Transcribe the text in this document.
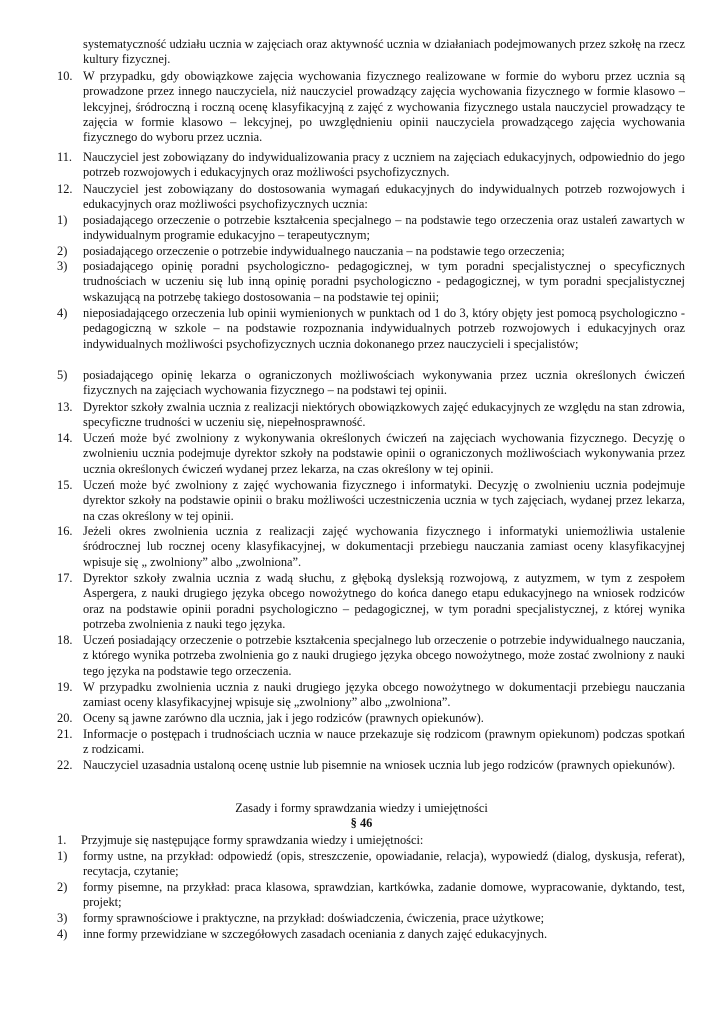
systematyczność udziału ucznia w zajęciach oraz aktywność ucznia w działaniach podejmowanych przez szkołę na rzecz kultury fizycznej.
10. W przypadku, gdy obowiązkowe zajęcia wychowania fizycznego realizowane w formie do wyboru przez ucznia są prowadzone przez innego nauczyciela, niż nauczyciel prowadzący zajęcia wychowania fizycznego w formie klasowo – lekcyjnej, śródroczną i roczną ocenę klasyfikacyjną z zajęć z wychowania fizycznego ustala nauczyciel prowadzący te zajęcia w formie klasowo – lekcyjnej, po uwzględnieniu opinii nauczyciela prowadzącego zajęcia wychowania fizycznego do wyboru przez ucznia.
11. Nauczyciel jest zobowiązany do indywidualizowania pracy z uczniem na zajęciach edukacyjnych, odpowiednio do jego potrzeb rozwojowych i edukacyjnych oraz możliwości psychofizycznych.
12. Nauczyciel jest zobowiązany do dostosowania wymagań edukacyjnych do indywidualnych potrzeb rozwojowych i edukacyjnych oraz możliwości psychofizycznych ucznia:
1)	posiadającego orzeczenie o potrzebie kształcenia specjalnego – na podstawie tego orzeczenia oraz ustaleń zawartych w indywidualnym programie edukacyjno – terapeutycznym;
2)	posiadającego orzeczenie o potrzebie indywidualnego nauczania – na podstawie tego orzeczenia;
3)	posiadającego opinię poradni psychologiczno- pedagogicznej, w tym poradni specjalistycznej o specyficznych trudnościach w uczeniu się lub inną opinię poradni psychologiczno - pedagogicznej, w tym poradni specjalistycznej wskazującą na potrzebę takiego dostosowania – na podstawie tej opinii;
4)	nieposiadającego orzeczenia lub opinii wymienionych w punktach od 1 do 3, który objęty jest pomocą psychologiczno - pedagogiczną w szkole – na podstawie rozpoznania indywidualnych potrzeb rozwojowych i edukacyjnych oraz indywidualnych możliwości psychofizycznych ucznia dokonanego przez nauczycieli i specjalistów;
5)	posiadającego opinię lekarza o ograniczonych możliwościach wykonywania przez ucznia określonych ćwiczeń fizycznych na zajęciach wychowania fizycznego – na podstawi tej opinii.
13. Dyrektor szkoły zwalnia ucznia z realizacji niektórych obowiązkowych zajęć edukacyjnych ze względu na stan zdrowia, specyficzne trudności w uczeniu się, niepełnosprawność.
14. Uczeń może być zwolniony z wykonywania określonych ćwiczeń na zajęciach wychowania fizycznego. Decyzję o zwolnieniu ucznia podejmuje dyrektor szkoły na podstawie opinii o ograniczonych możliwościach wykonywania przez ucznia określonych ćwiczeń wydanej przez lekarza, na czas określony w tej opinii.
15. Uczeń może być zwolniony z zajęć wychowania fizycznego i informatyki. Decyzję o zwolnieniu ucznia podejmuje dyrektor szkoły na podstawie opinii o braku możliwości uczestniczenia ucznia w tych zajęciach, wydanej przez lekarza, na czas określony w tej opinii.
16. Jeżeli okres zwolnienia ucznia z realizacji zajęć wychowania fizycznego i informatyki uniemożliwia ustalenie śródrocznej lub rocznej oceny klasyfikacyjnej, w dokumentacji przebiegu nauczania zamiast oceny klasyfikacyjnej wpisuje się „ zwolniony” albo „zwolniona”.
17. Dyrektor szkoły zwalnia ucznia z wadą słuchu, z głęboką dysleksją rozwojową, z autyzmem, w tym z zespołem Aspergera, z nauki drugiego języka obcego nowożytnego do końca danego etapu edukacyjnego na wniosek rodziców oraz na podstawie opinii poradni psychologiczno – pedagogicznej, w tym poradni specjalistycznej, z której wynika potrzeba zwolnienia z nauki tego języka.
18. Uczeń posiadający orzeczenie o potrzebie kształcenia specjalnego lub orzeczenie o potrzebie indywidualnego nauczania, z którego wynika potrzeba zwolnienia go z nauki drugiego języka obcego nowożytnego, może zostać zwolniony z nauki tego języka na podstawie tego orzeczenia.
19. W przypadku zwolnienia ucznia z nauki drugiego języka obcego nowożytnego w dokumentacji przebiegu nauczania zamiast oceny klasyfikacyjnej wpisuje się „zwolniony” albo „zwolniona”.
20. Oceny są jawne zarówno dla ucznia, jak i jego rodziców (prawnych opiekunów).
21. Informacje o postępach i trudnościach ucznia w nauce przekazuje się rodzicom (prawnym opiekunom) podczas spotkań z rodzicami.
22. Nauczyciel uzasadnia ustaloną ocenę ustnie lub pisemnie na wniosek ucznia lub jego rodziców (prawnych opiekunów).
Zasady i formy sprawdzania wiedzy i umiejętności
§ 46
1.	Przyjmuje się następujące formy sprawdzania wiedzy i umiejętności:
1)	formy ustne, na przykład: odpowiedź (opis, streszczenie, opowiadanie, relacja), wypowiedź (dialog, dyskusja, referat), recytacja, czytanie;
2)	formy pisemne, na przykład: praca klasowa, sprawdzian, kartkówka, zadanie domowe, wypracowanie, dyktando, test, projekt;
3)	formy sprawnościowe i praktyczne, na przykład: doświadczenia, ćwiczenia, prace użytkowe;
4)	inne formy przewidziane w szczegółowych zasadach oceniania z danych zajęć edukacyjnych.
